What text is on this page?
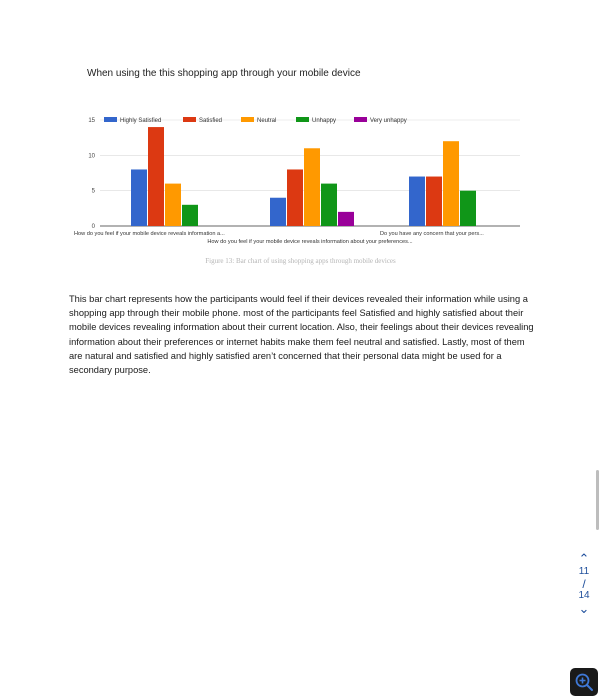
When using the this shopping app through your mobile device
0
5
10
15	Highly Satisfied	Satisfied	Neutral	Unhappy	Very unhappy
How do you feel if your mobile device reveals information a...
How do you feel if your mobile device reveals information about your preferences...
Do you have any concern that your pers...
Figure 13: Bar chart of using shopping apps through mobile devices
This bar chart represents how the participants would feel if their devices revealed their information while using a shopping app through their mobile phone. most of the participants feel Satisfied and highly satisfied about their mobile devices revealing information about their current location. Also, their feelings about their devices revealing information about their preferences or internet habits make them feel neutral and satisfied. Lastly, most of them are natural and satisfied and highly satisfied aren’t concerned that their personal data might be used for a secondary purpose.
⌃
11
/
14
⌄
